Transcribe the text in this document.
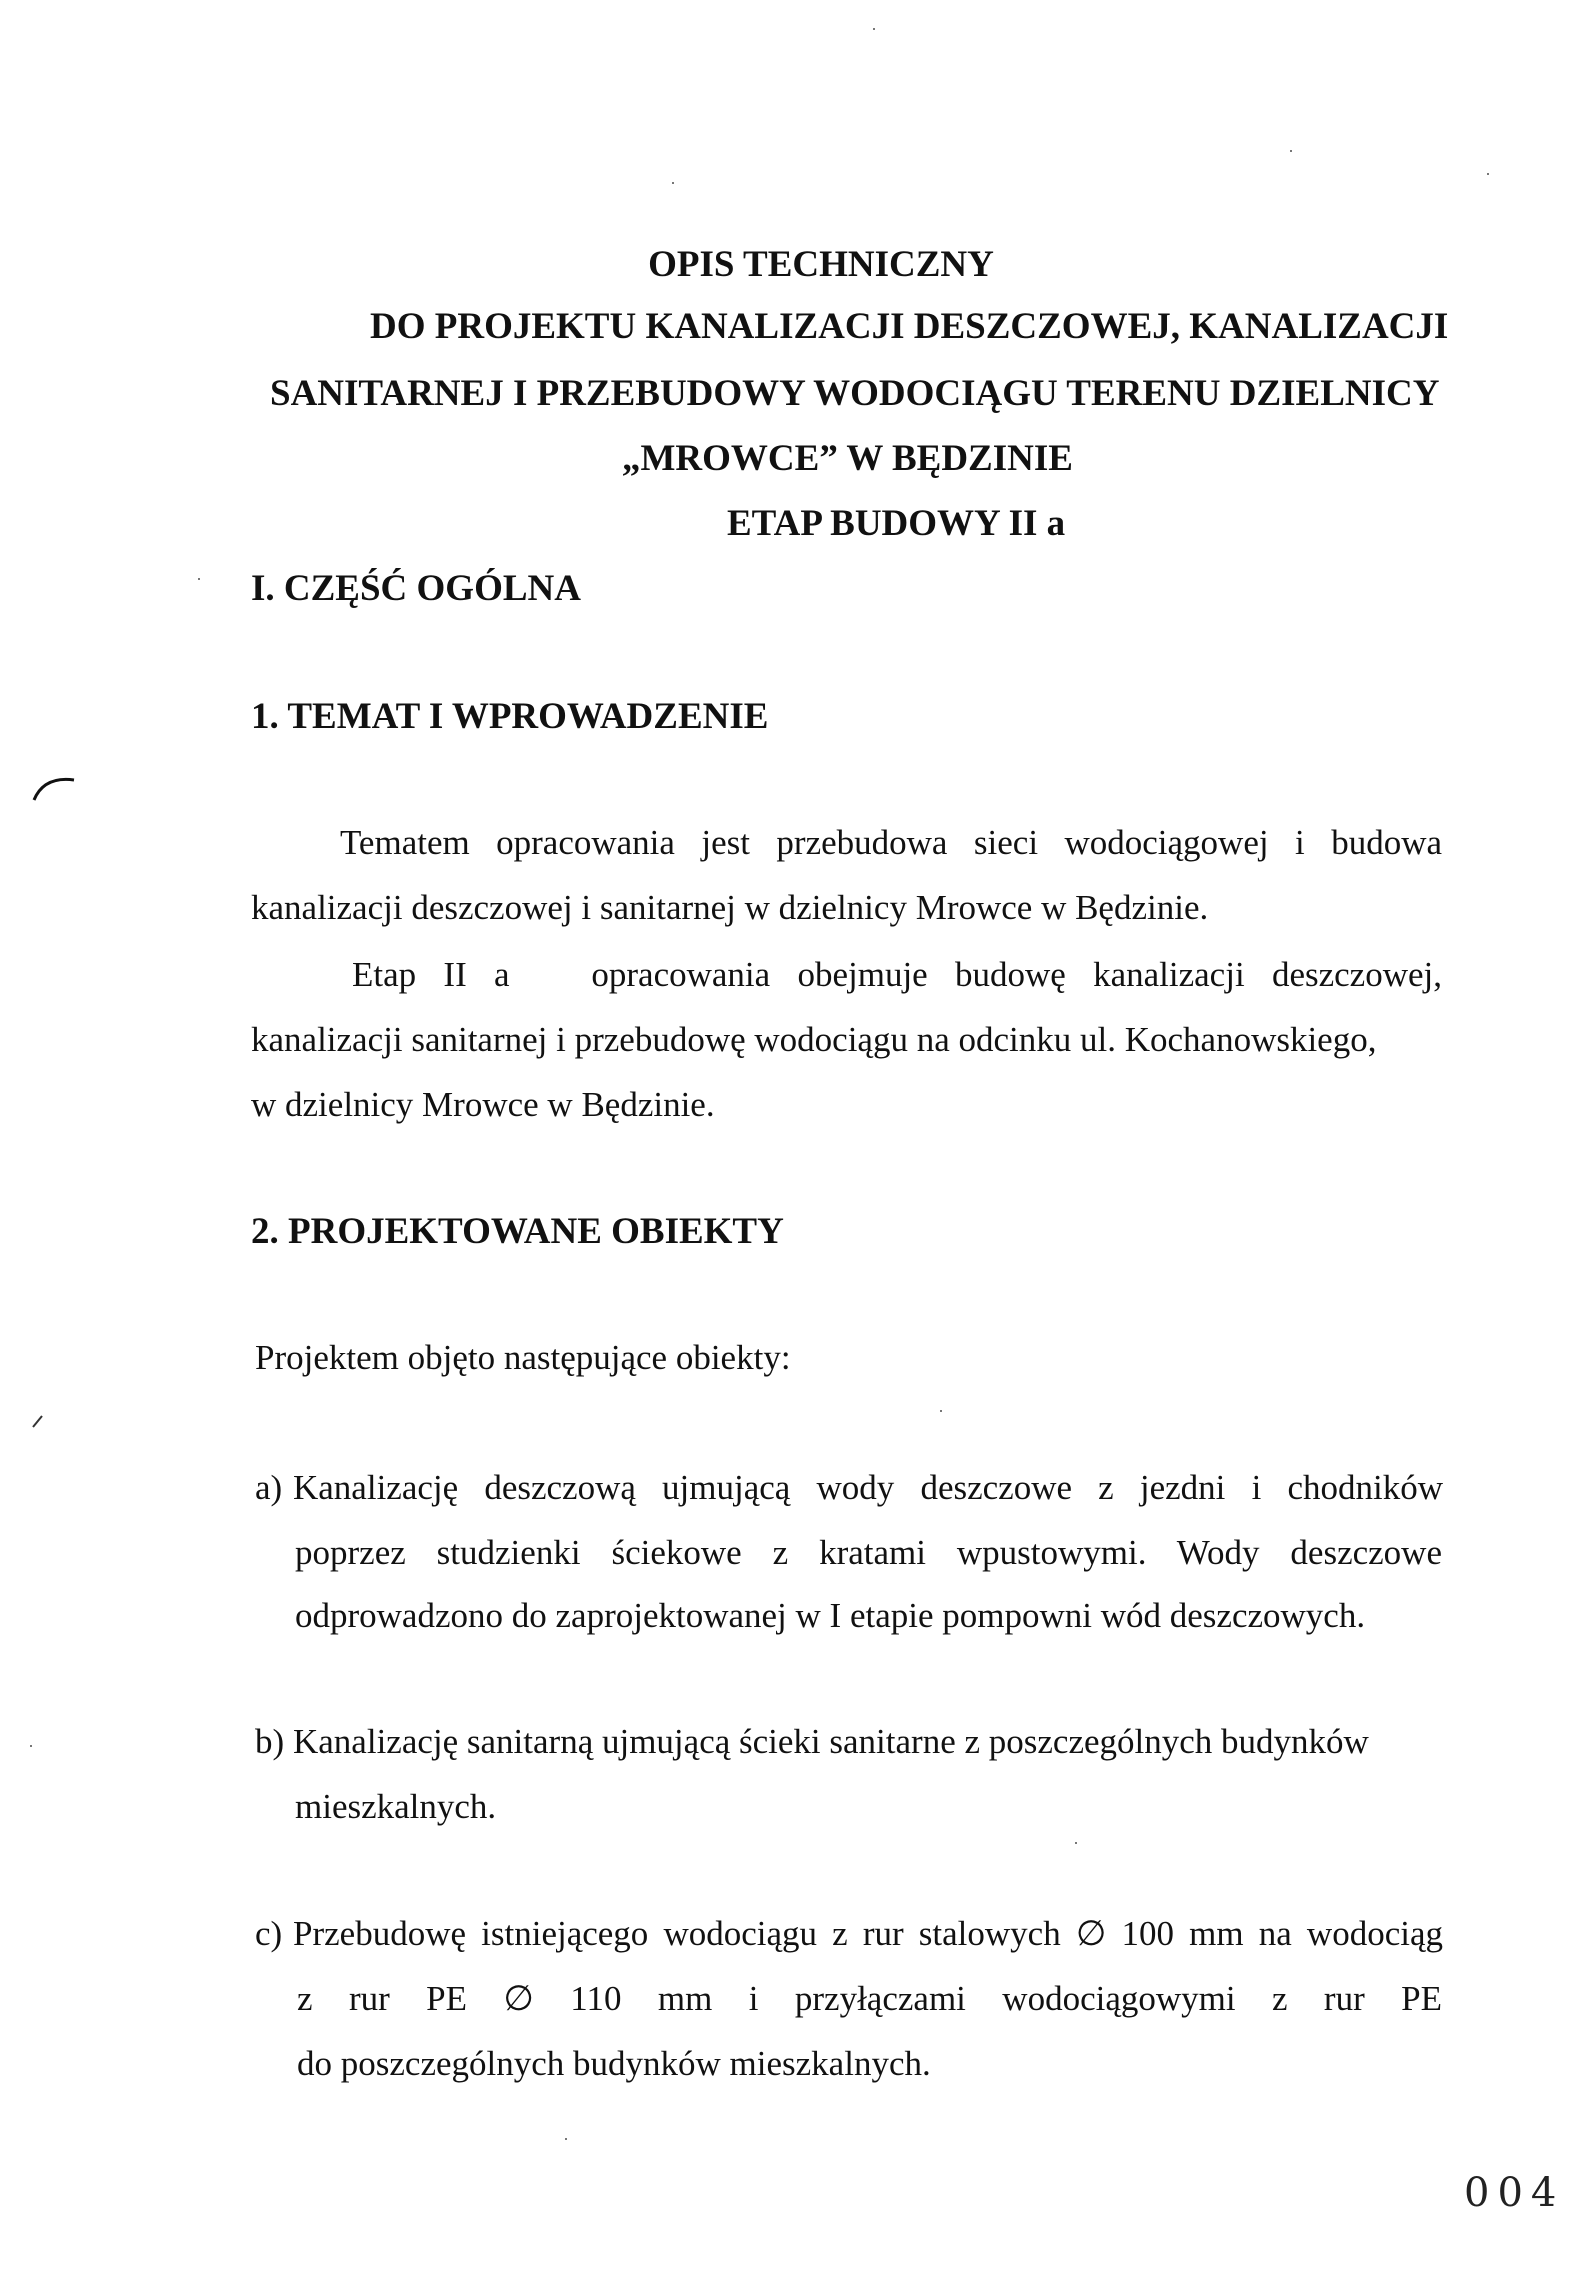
OPIS TECHNICZNY
DO PROJEKTU KANALIZACJI DESZCZOWEJ, KANALIZACJI
SANITARNEJ I PRZEBUDOWY WODOCIĄGU TERENU DZIELNICY
„MROWCE” W BĘDZINIE
ETAP BUDOWY II a
I. CZĘŚĆ OGÓLNA
1. TEMAT I WPROWADZENIE
Tematem opracowania jest przebudowa sieci wodociągowej i budowa
kanalizacji deszczowej i sanitarnej w dzielnicy Mrowce w Będzinie.
Etap II a   opracowania obejmuje budowę kanalizacji deszczowej,
kanalizacji sanitarnej i przebudowę wodociągu na odcinku ul. Kochanowskiego,
w dzielnicy Mrowce w Będzinie.
2. PROJEKTOWANE OBIEKTY
Projektem objęto następujące obiekty:
a) Kanalizację deszczową ujmującą wody deszczowe z jezdni i chodników
poprzez studzienki ściekowe z kratami wpustowymi. Wody deszczowe
odprowadzono do zaprojektowanej w I etapie pompowni wód deszczowych.
b) Kanalizację sanitarną ujmującą ścieki sanitarne z poszczególnych budynków
mieszkalnych.
c) Przebudowę istniejącego wodociągu z rur stalowych ∅ 100 mm na wodociąg
z rur PE ∅ 110 mm i przyłączami wodociągowymi z rur PE
do poszczególnych budynków mieszkalnych.
004
